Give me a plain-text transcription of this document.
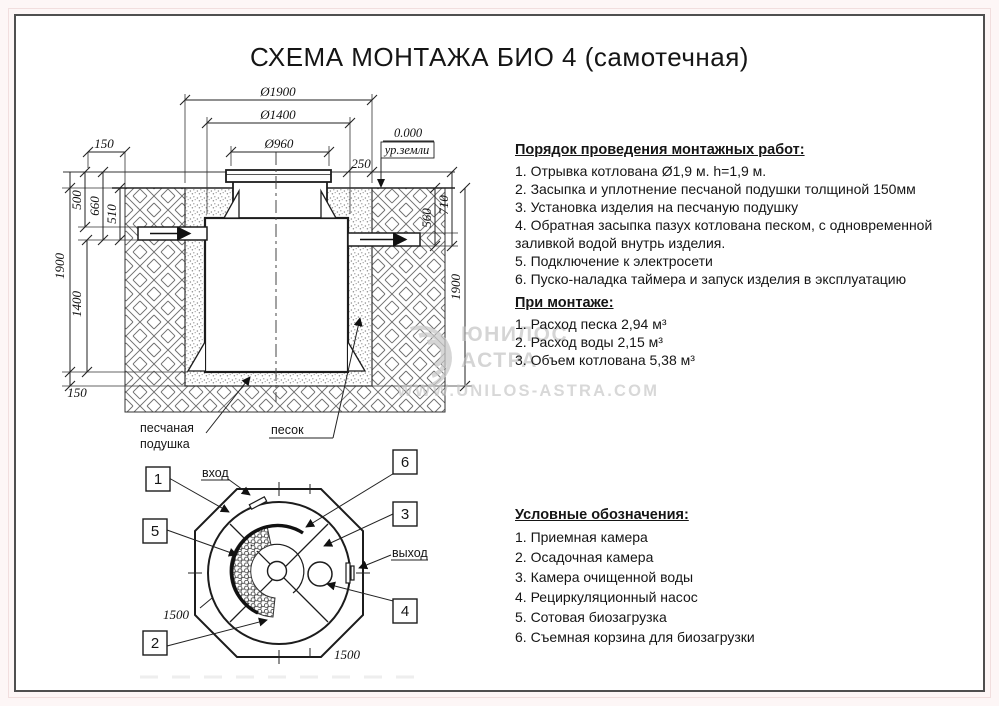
СХЕМА МОНТАЖА БИО 4 (самотечная)
0.000
ур.земли
Ø1900
Ø1400
Ø960
150
250
500 660 510
1900
1400
150
560
710
1900
песчаная
подушка
песок
1
5
2
6
3
4
вход
выход
1500
1500
ЮНИЛОС
АСТРА
WWW.UNILOS-ASTRA.COM
Порядок проведения монтажных работ:

1. Отрывка котлована Ø1,9 м. h=1,9 м.

2. Засыпка и уплотнение песчаной подушки толщиной 150мм

3. Установка изделия на песчаную подушку

4. Обратная засыпка пазух котлована песком, с одновременной заливкой водой внутрь изделия.

5. Подключение к электросети

6. Пуско-наладка таймера и запуск изделия в эксплуатацию

При монтаже:

1. Расход песка 2,94 м³

2. Расход воды 2,15 м³

3. Объем котлована 5,38 м³

Условные обозначения:

1. Приемная камера

2. Осадочная камера

3. Камера очищенной воды

4. Рециркуляционный насос

5. Сотовая биозагрузка

6. Съемная корзина для биозагрузки
